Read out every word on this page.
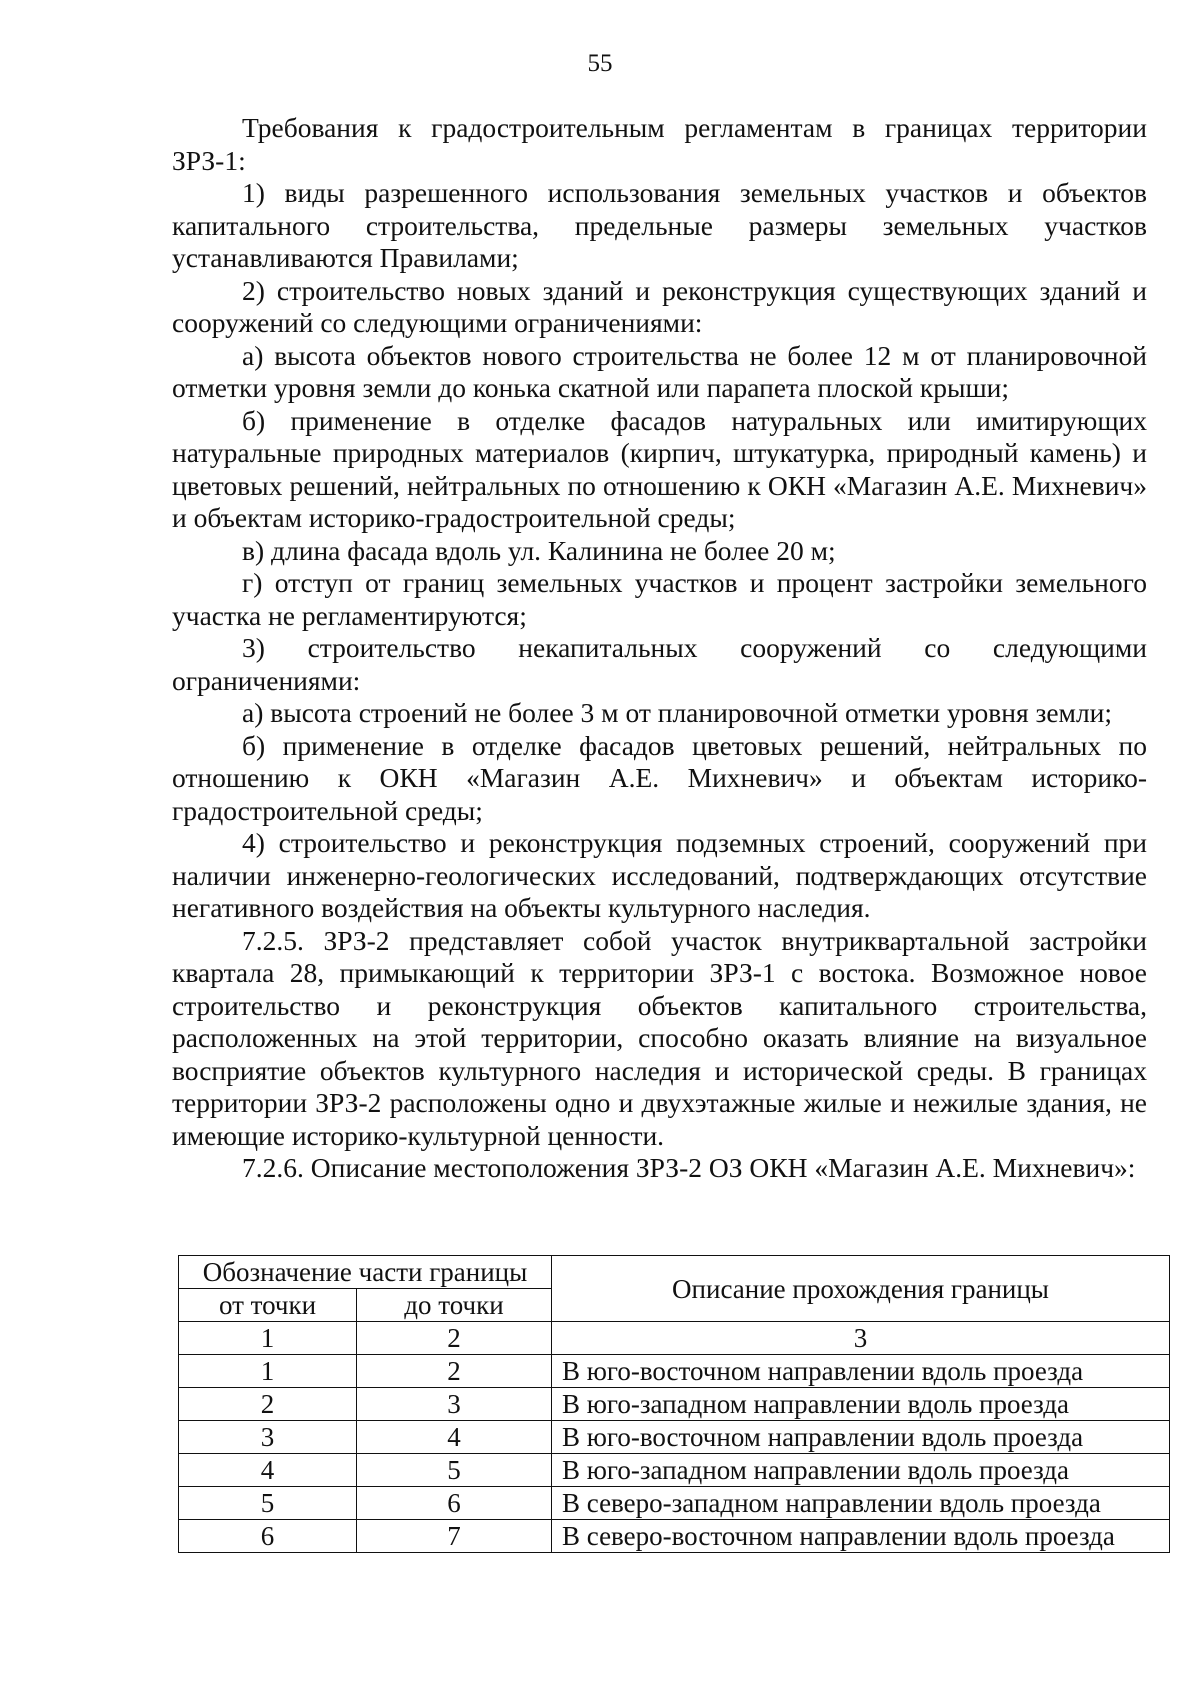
55

Требования к градостроительным регламентам в границах территории ЗРЗ-1:

1) виды разрешенного использования земельных участков и объектов капитального строительства, предельные размеры земельных участков устанавливаются Правилами;

2) строительство новых зданий и реконструкция существующих зданий и сооружений со следующими ограничениями:

а) высота объектов нового строительства не более 12 м от планировочной отметки уровня земли до конька скатной или парапета плоской крыши;

б) применение в отделке фасадов натуральных или имитирующих натуральные природных материалов (кирпич, штукатурка, природный камень) и цветовых решений, нейтральных по отношению к ОКН «Магазин А.Е. Михневич» и объектам историко-градостроительной среды;

в) длина фасада вдоль ул. Калинина не более 20 м;

г) отступ от границ земельных участков и процент застройки земельного участка не регламентируются;

3) строительство некапитальных сооружений со следующими ограничениями:

а) высота строений не более 3 м от планировочной отметки уровня земли;

б) применение в отделке фасадов цветовых решений, нейтральных по отношению к ОКН «Магазин А.Е. Михневич» и объектам историко-градостроительной среды;

4) строительство и реконструкция подземных строений, сооружений при наличии инженерно-геологических исследований, подтверждающих отсутствие негативного воздействия на объекты культурного наследия.

7.2.5. ЗРЗ-2 представляет собой участок внутриквартальной застройки квартала 28, примыкающий к территории ЗРЗ-1 с востока. Возможное новое строительство и реконструкция объектов капитального строительства, расположенных на этой территории, способно оказать влияние на визуальное восприятие объектов культурного наследия и исторической среды. В границах территории ЗРЗ-2 расположены одно и двухэтажные жилые и нежилые здания, не имеющие историко-культурной ценности.

7.2.6. Описание местоположения ЗРЗ-2 ОЗ ОКН «Магазин А.Е. Михневич»:

Обозначение части границы		Описание прохождения границы
от точки	до точки	
1	2	3
1	2	В юго-восточном направлении вдоль проезда
2	3	В юго-западном направлении вдоль проезда
3	4	В юго-восточном направлении вдоль проезда
4	5	В юго-западном направлении вдоль проезда
5	6	В северо-западном направлении вдоль проезда
6	7	В северо-восточном направлении вдоль проезда
